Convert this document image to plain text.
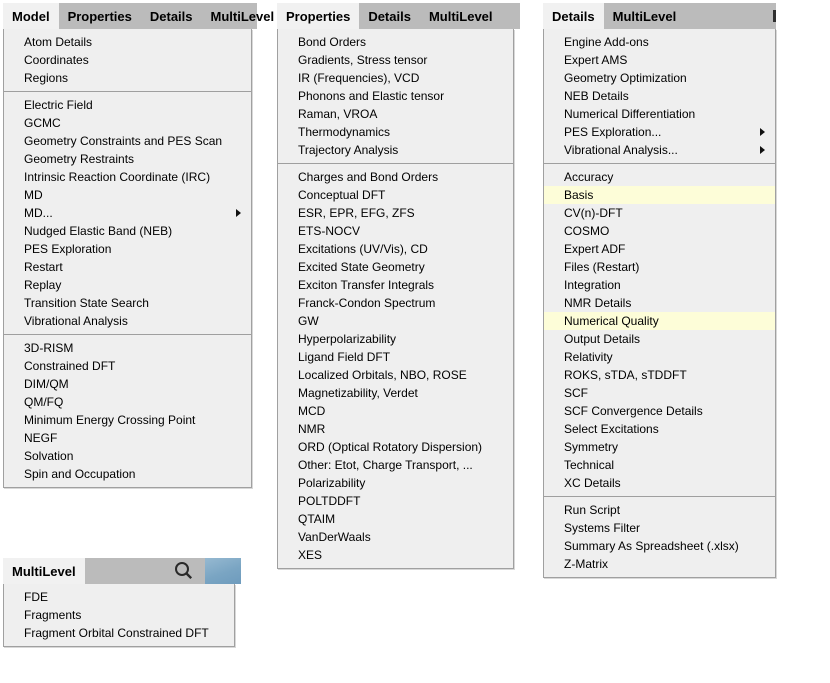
Model	Properties	Details	MultiLevel
Atom Details
Coordinates
Regions
Electric Field
GCMC
Geometry Constraints and PES Scan
Geometry Restraints
Intrinsic Reaction Coordinate (IRC)
MD
MD...
Nudged Elastic Band (NEB)
PES Exploration
Restart
Replay
Transition State Search
Vibrational Analysis
3D-RISM
Constrained DFT
DIM/QM
QM/FQ
Minimum Energy Crossing Point
NEGF
Solvation
Spin and Occupation
Properties	Details	MultiLevel
Bond Orders
Gradients, Stress tensor
IR (Frequencies), VCD
Phonons and Elastic tensor
Raman, VROA
Thermodynamics
Trajectory Analysis
Charges and Bond Orders
Conceptual DFT
ESR, EPR, EFG, ZFS
ETS-NOCV
Excitations (UV/Vis), CD
Excited State Geometry
Exciton Transfer Integrals
Franck-Condon Spectrum
GW
Hyperpolarizability
Ligand Field DFT
Localized Orbitals, NBO, ROSE
Magnetizability, Verdet
MCD
NMR
ORD (Optical Rotatory Dispersion)
Other: Etot, Charge Transport, ...
Polarizability
POLTDDFT
QTAIM
VanDerWaals
XES
Details	MultiLevel
Engine Add-ons
Expert AMS
Geometry Optimization
NEB Details
Numerical Differentiation
PES Exploration...
Vibrational Analysis...
Accuracy
Basis
CV(n)-DFT
COSMO
Expert ADF
Files (Restart)
Integration
NMR Details
Numerical Quality
Output Details
Relativity
ROKS, sTDA, sTDDFT
SCF
SCF Convergence Details
Select Excitations
Symmetry
Technical
XC Details
Run Script
Systems Filter
Summary As Spreadsheet (.xlsx)
Z-Matrix
MultiLevel
FDE
Fragments
Fragment Orbital Constrained DFT
